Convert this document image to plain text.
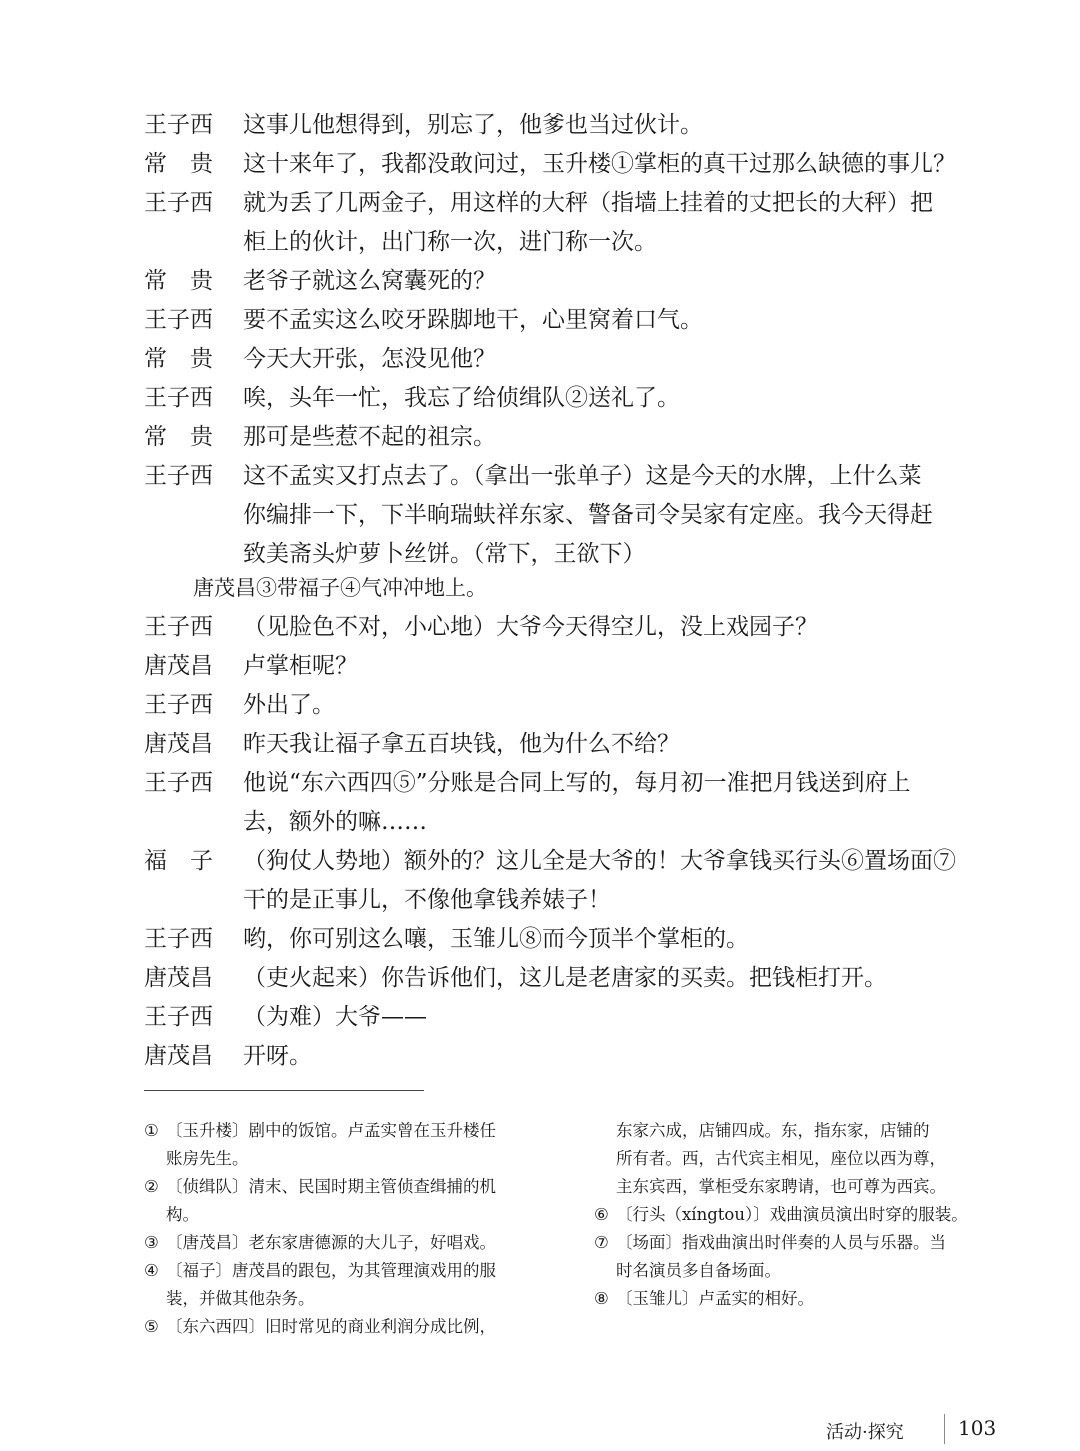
王子西 这事儿他想得到，别忘了，他爹也当过伙计。
常　贵 这十来年了，我都没敢问过，玉升楼①掌柜的真干过那么缺德的事儿？
王子西 就为丢了几两金子，用这样的大秤（指墙上挂着的丈把长的大秤）把
柜上的伙计，出门称一次，进门称一次。
常　贵 老爷子就这么窝囊死的？
王子西 要不孟实这么咬牙跺脚地干，心里窝着口气。
常　贵 今天大开张，怎没见他？
王子西 唉，头年一忙，我忘了给侦缉队②送礼了。
常　贵 那可是些惹不起的祖宗。
王子西 这不孟实又打点去了。（拿出一张单子）这是今天的水牌，上什么菜
你编排一下，下半晌瑞蚨祥东家、警备司令吴家有定座。我今天得赶
致美斋头炉萝卜丝饼。（常下，王欲下）
唐茂昌③带福子④气冲冲地上。
王子西 （见脸色不对，小心地）大爷今天得空儿，没上戏园子？
唐茂昌 卢掌柜呢？
王子西 外出了。
唐茂昌 昨天我让福子拿五百块钱，他为什么不给？
王子西 他说“东六西四⑤”分账是合同上写的，每月初一准把月钱送到府上
去，额外的嘛……
福　子 （狗仗人势地）额外的？这儿全是大爷的！大爷拿钱买行头⑥置场面⑦
干的是正事儿，不像他拿钱养婊子！
王子西 哟，你可别这么嚷，玉雏儿⑧而今顶半个掌柜的。
唐茂昌 （吏火起来）你告诉他们，这儿是老唐家的买卖。把钱柜打开。
王子西 （为难）大爷——
唐茂昌 开呀。
① 〔玉升楼〕剧中的饭馆。卢孟实曾在玉升楼任
账房先生。
② 〔侦缉队〕清末、民国时期主管侦查缉捕的机
构。
③ 〔唐茂昌〕老东家唐德源的大儿子，好唱戏。
④ 〔福子〕唐茂昌的跟包，为其管理演戏用的服
装，并做其他杂务。
⑤ 〔东六西四〕旧时常见的商业利润分成比例，
东家六成，店铺四成。东，指东家，店铺的
所有者。西，古代宾主相见，座位以西为尊，
主东宾西，掌柜受东家聘请，也可尊为西宾。
⑥ 〔行头（xíngtou）〕戏曲演员演出时穿的服装。
⑦ 〔场面〕指戏曲演出时伴奏的人员与乐器。当
时名演员多自备场面。
⑧ 〔玉雏儿〕卢孟实的相好。
活动·探究	103
